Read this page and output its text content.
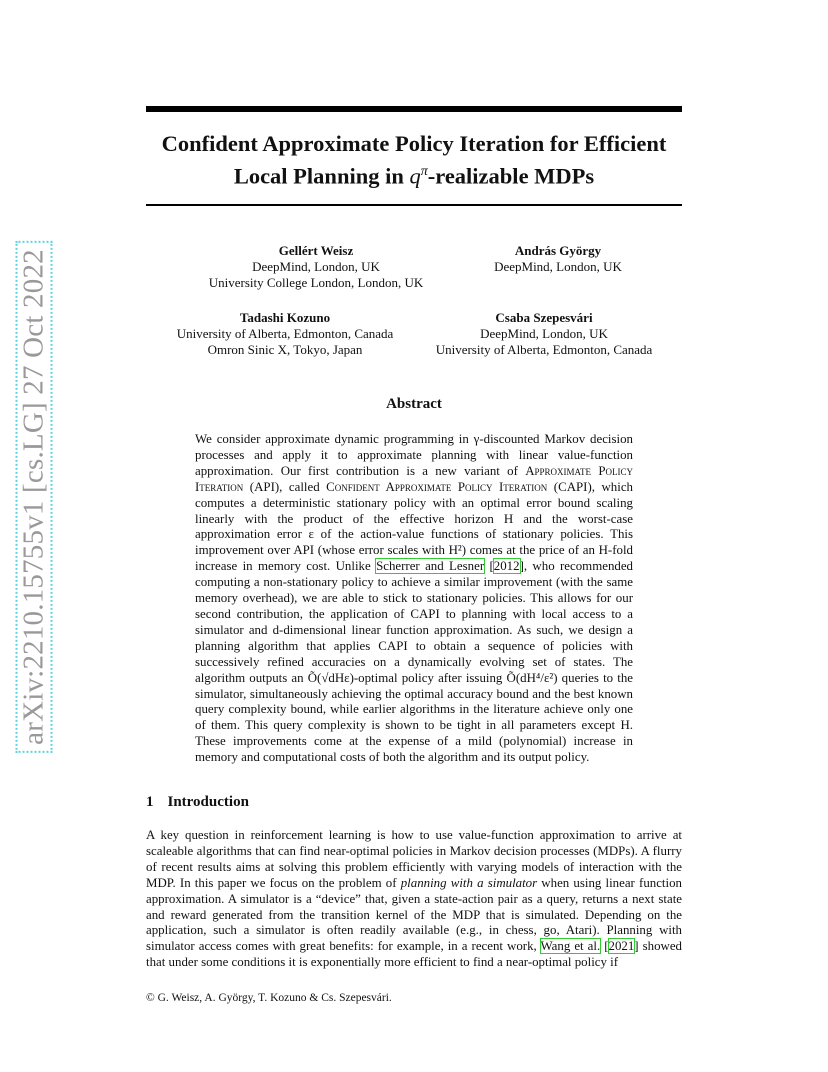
arXiv:2210.15755v1 [cs.LG] 27 Oct 2022
Confident Approximate Policy Iteration for Efficient
Local Planning in $q^\pi$-realizable MDPs
Gellért Weisz
DeepMind, London, UK
University College London, London, UK
András György
DeepMind, London, UK
Tadashi Kozuno
University of Alberta, Edmonton, Canada
Omron Sinic X, Tokyo, Japan
Csaba Szepesvári
DeepMind, London, UK
University of Alberta, Edmonton, Canada
Abstract
We consider approximate dynamic programming in γ-discounted Markov decision processes and apply it to approximate planning with linear value-function approximation. Our first contribution is a new variant of Approximate Policy Iteration (API), called Confident Approximate Policy Iteration (CAPI), which computes a deterministic stationary policy with an optimal error bound scaling linearly with the product of the effective horizon H and the worst-case approximation error ε of the action-value functions of stationary policies. This improvement over API (whose error scales with H²) comes at the price of an H-fold increase in memory cost. Unlike Scherrer and Lesner [2012], who recommended computing a non-stationary policy to achieve a similar improvement (with the same memory overhead), we are able to stick to stationary policies. This allows for our second contribution, the application of CAPI to planning with local access to a simulator and d-dimensional linear function approximation. As such, we design a planning algorithm that applies CAPI to obtain a sequence of policies with successively refined accuracies on a dynamically evolving set of states. The algorithm outputs an Õ(√dHε)-optimal policy after issuing Õ(dH⁴/ε²) queries to the simulator, simultaneously achieving the optimal accuracy bound and the best known query complexity bound, while earlier algorithms in the literature achieve only one of them. This query complexity is shown to be tight in all parameters except H. These improvements come at the expense of a mild (polynomial) increase in memory and computational costs of both the algorithm and its output policy.
1 Introduction
A key question in reinforcement learning is how to use value-function approximation to arrive at scaleable algorithms that can find near-optimal policies in Markov decision processes (MDPs). A flurry of recent results aims at solving this problem efficiently with varying models of interaction with the MDP. In this paper we focus on the problem of planning with a simulator when using linear function approximation. A simulator is a “device” that, given a state-action pair as a query, returns a next state and reward generated from the transition kernel of the MDP that is simulated. Depending on the application, such a simulator is often readily available (e.g., in chess, go, Atari). Planning with simulator access comes with great benefits: for example, in a recent work, Wang et al. [2021] showed that under some conditions it is exponentially more efficient to find a near-optimal policy if
© G. Weisz, A. György, T. Kozuno & Cs. Szepesvári.
